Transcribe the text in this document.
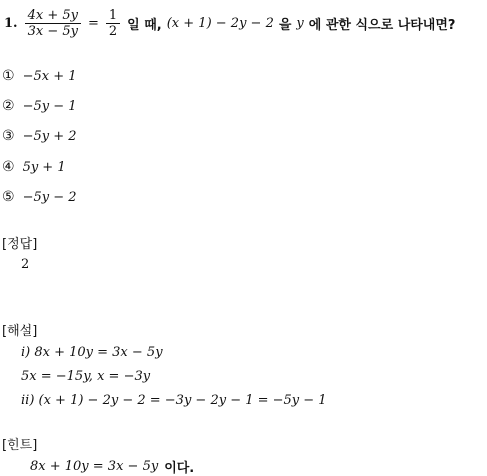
1. $\frac{4x + 5y}{3x - 5y} = \frac{1}{2}$ 일 때, (x + 1) − 2y − 2 을 y 에 관한 식으로 나타내면?
① −5x + 1
② −5y − 1
③ −5y + 2
④ 5y + 1
⑤ −5y − 2
[정답]
2
[해설]
i) 8x + 10y = 3x − 5y
5x = −15y, x = −3y
ii) (x + 1) − 2y − 2 = −3y − 2y − 1 = −5y − 1
[힌트]
8x + 10y = 3x − 5y 이다.
